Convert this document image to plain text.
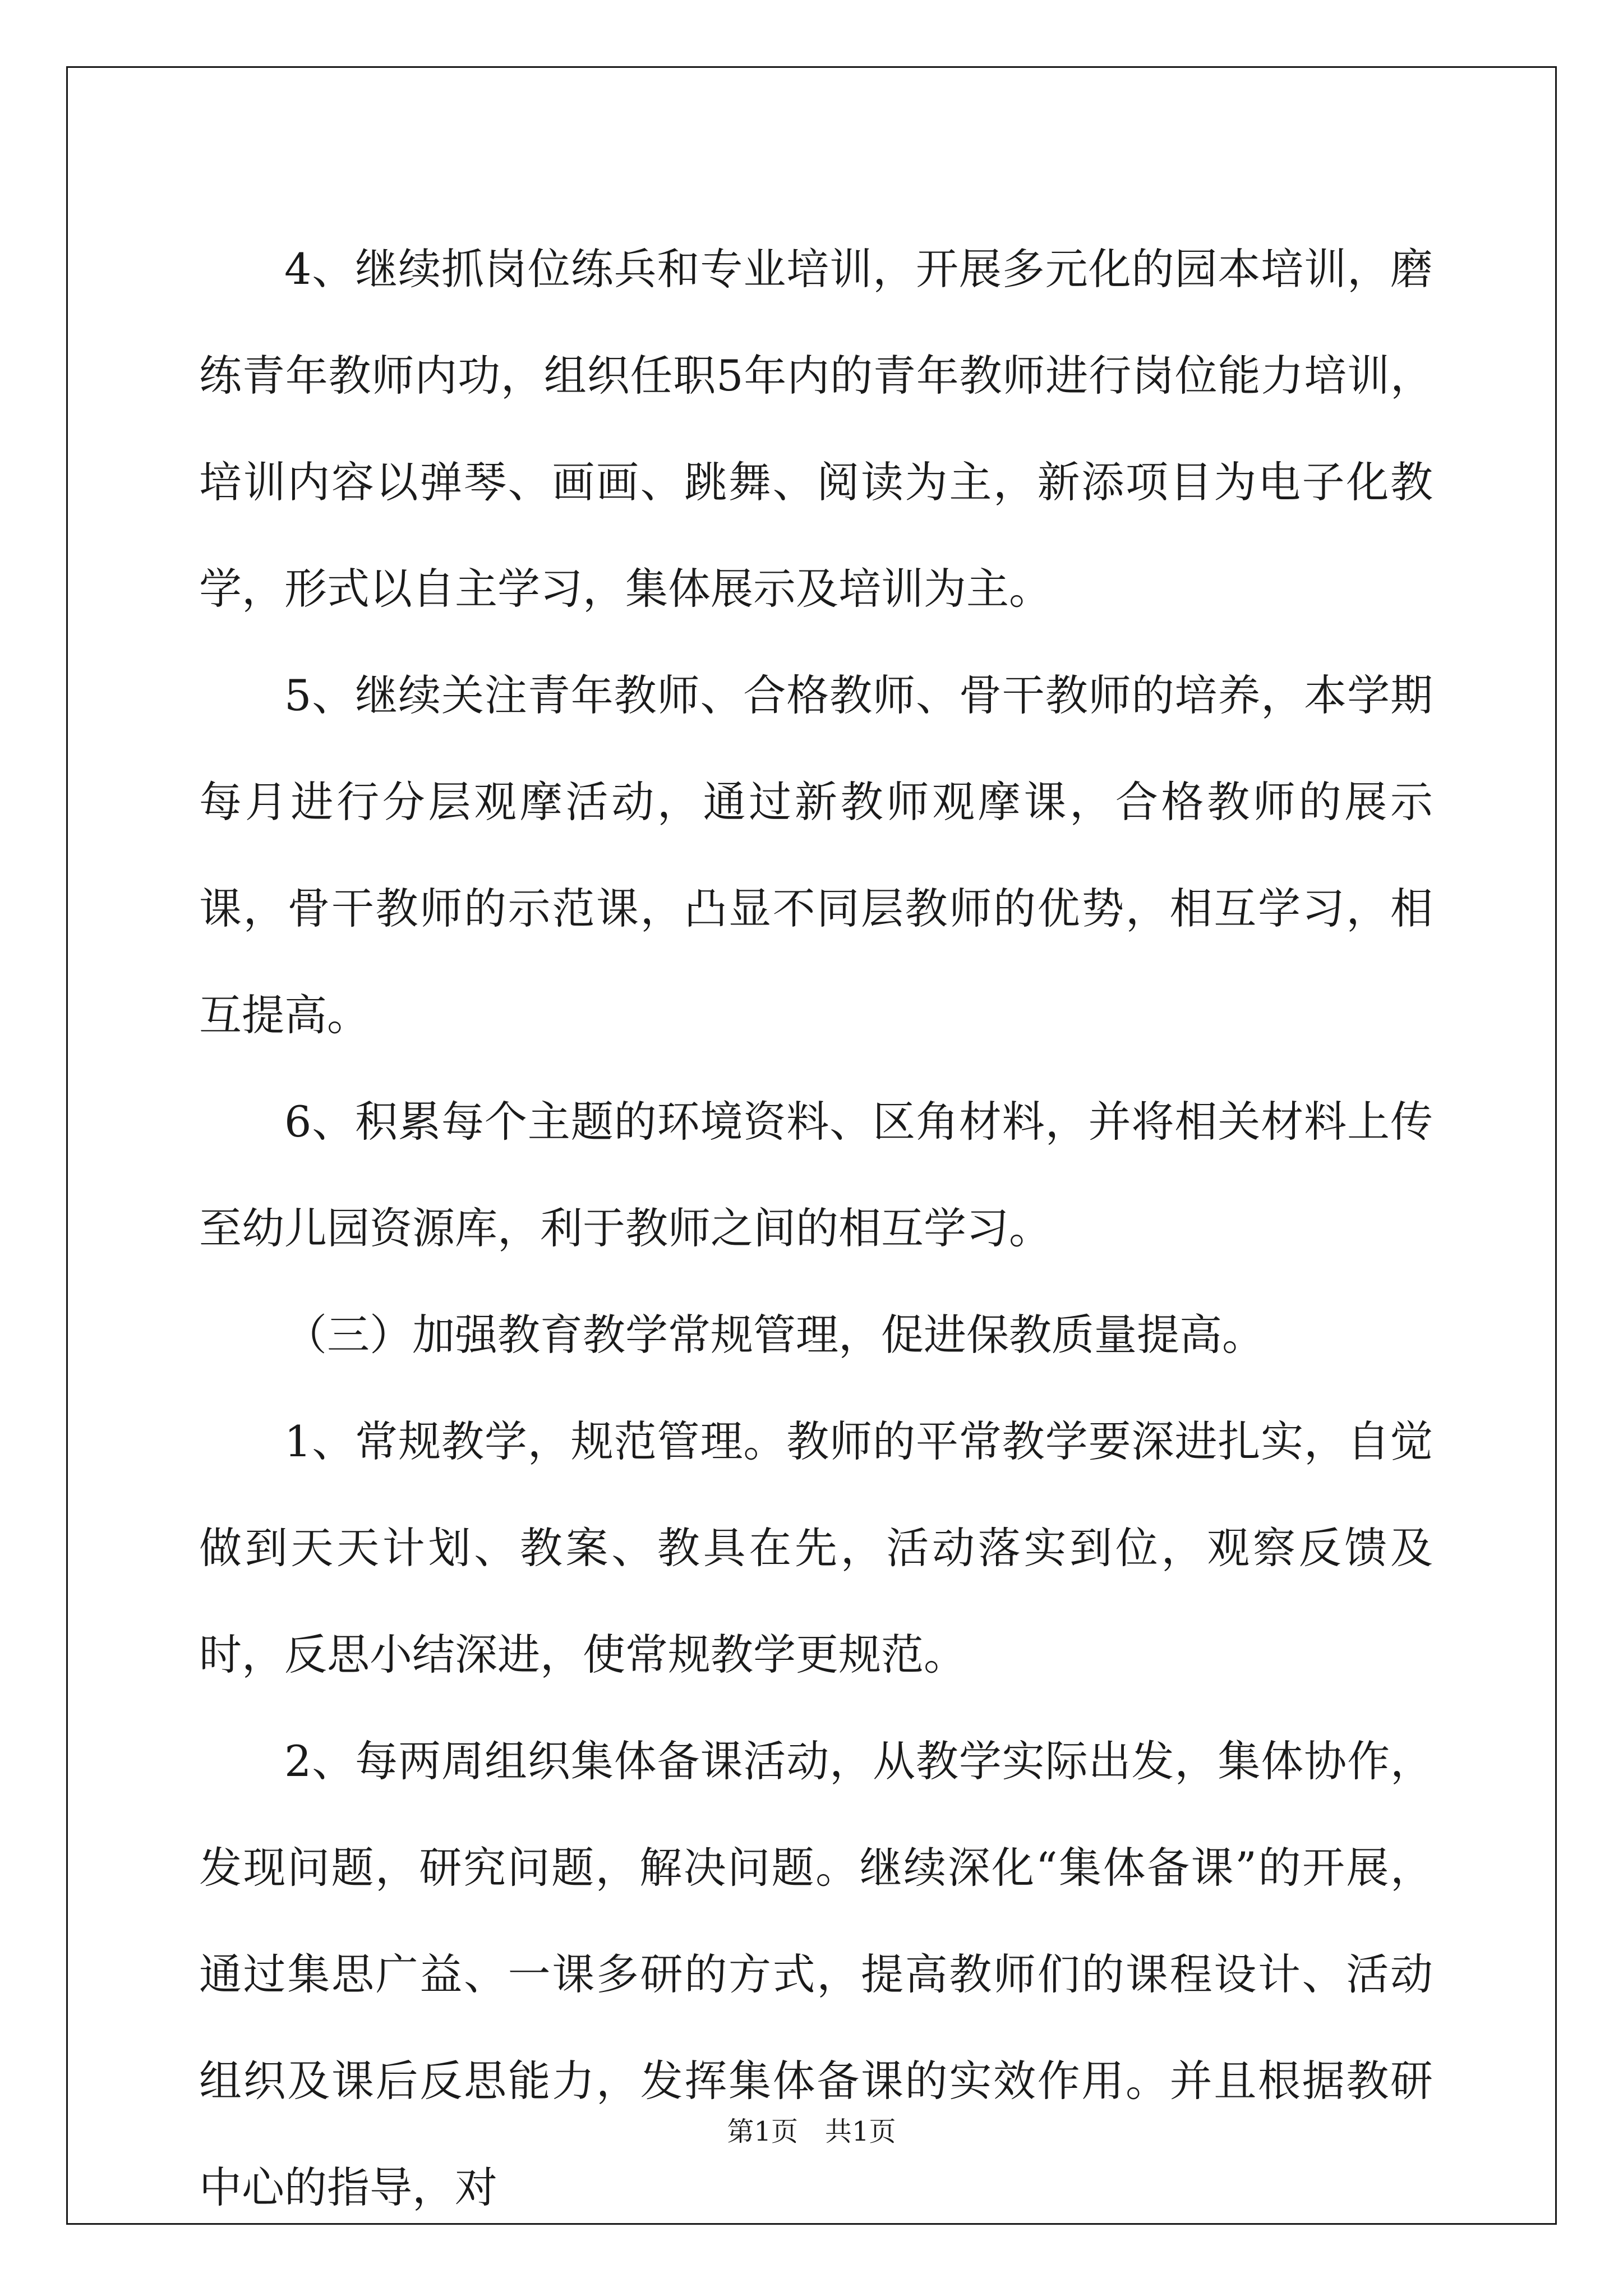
4、继续抓岗位练兵和专业培训，开展多元化的园本培训，磨练青年教师内功，组织任职5年内的青年教师进行岗位能力培训，培训内容以弹琴、画画、跳舞、阅读为主，新添项目为电子化教学，形式以自主学习，集体展示及培训为主。

5、继续关注青年教师、合格教师、骨干教师的培养，本学期每月进行分层观摩活动，通过新教师观摩课，合格教师的展示课，骨干教师的示范课，凸显不同层教师的优势，相互学习，相互提高。

6、积累每个主题的环境资料、区角材料，并将相关材料上传至幼儿园资源库，利于教师之间的相互学习。

（三）加强教育教学常规管理，促进保教质量提高。

1、常规教学，规范管理。教师的平常教学要深进扎实，自觉做到天天计划、教案、教具在先，活动落实到位，观察反馈及时，反思小结深进，使常规教学更规范。

2、每两周组织集体备课活动，从教学实际出发，集体协作，发现问题，研究问题，解决问题。继续深化“集体备课”的开展，通过集思广益、一课多研的方式，提高教师们的课程设计、活动组织及课后反思能力，发挥集体备课的实效作用。并且根据教研中心的指导，对

第1页 共1页
